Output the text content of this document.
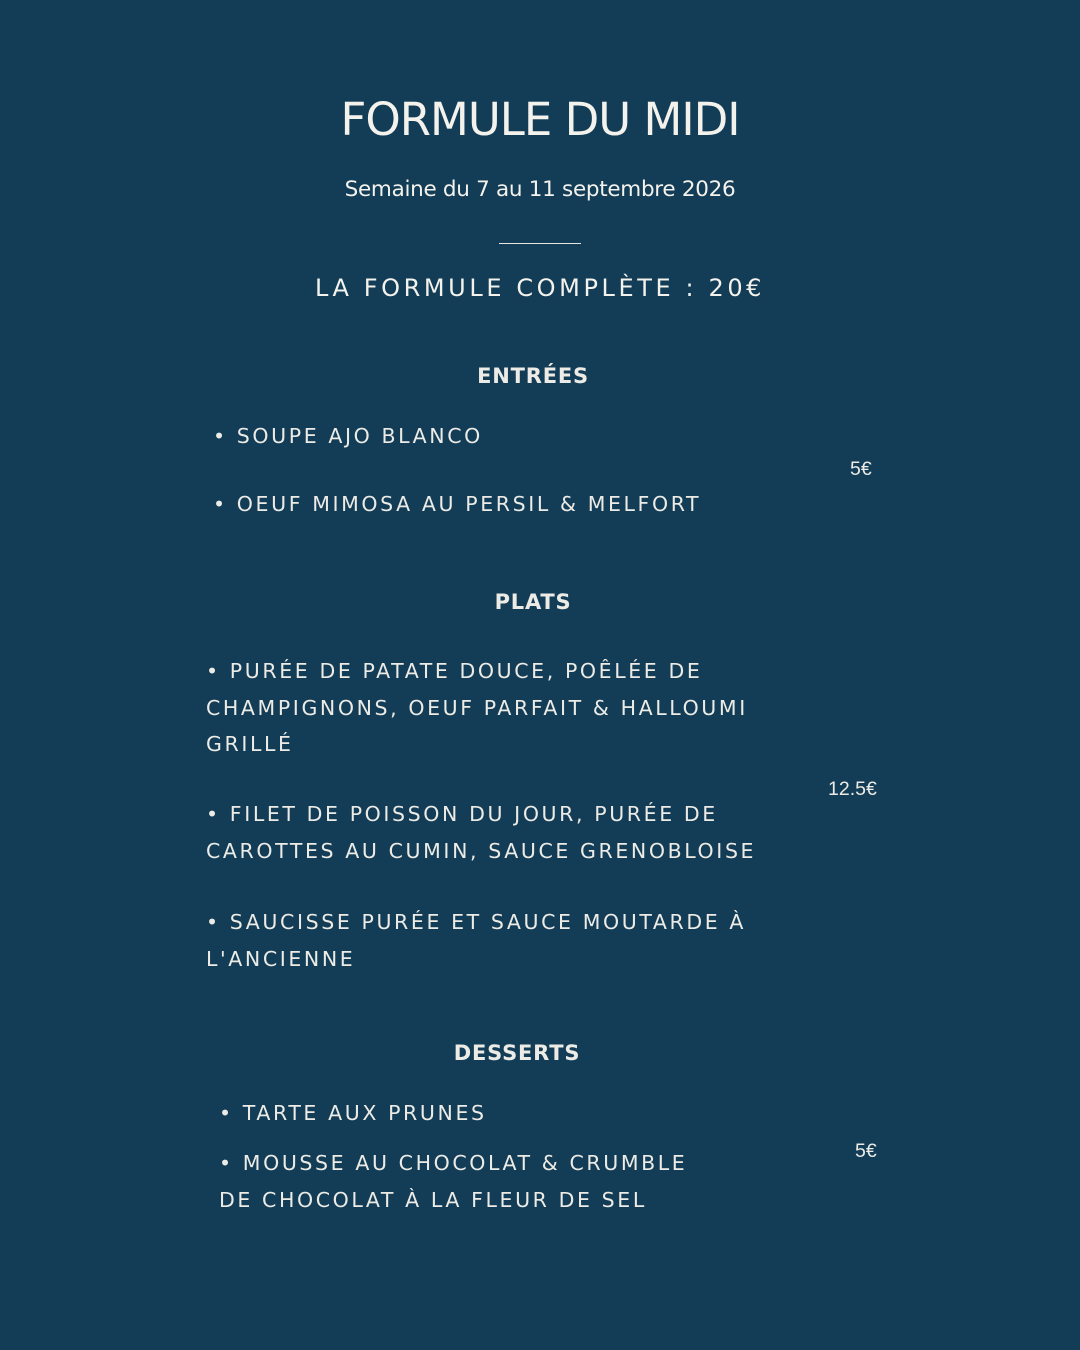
FORMULE DU MIDI

Semaine du 7 au 11 septembre 2026

LA FORMULE COMPLÈTE : 20€

ENTRÉES
• SOUPE AJO BLANCO
• OEUF MIMOSA AU PERSIL & MELFORT
5€
PLATS
• PURÉE DE PATATE DOUCE, POÊLÉE DE
CHAMPIGNONS, OEUF PARFAIT & HALLOUMI
GRILLÉ
• FILET DE POISSON DU JOUR, PURÉE DE
CAROTTES AU CUMIN, SAUCE GRENOBLOISE
• SAUCISSE PURÉE ET SAUCE MOUTARDE À
L'ANCIENNE
12.5€
DESSERTS
• TARTE AUX PRUNES
• MOUSSE AU CHOCOLAT & CRUMBLE
DE CHOCOLAT À LA FLEUR DE SEL
5€
